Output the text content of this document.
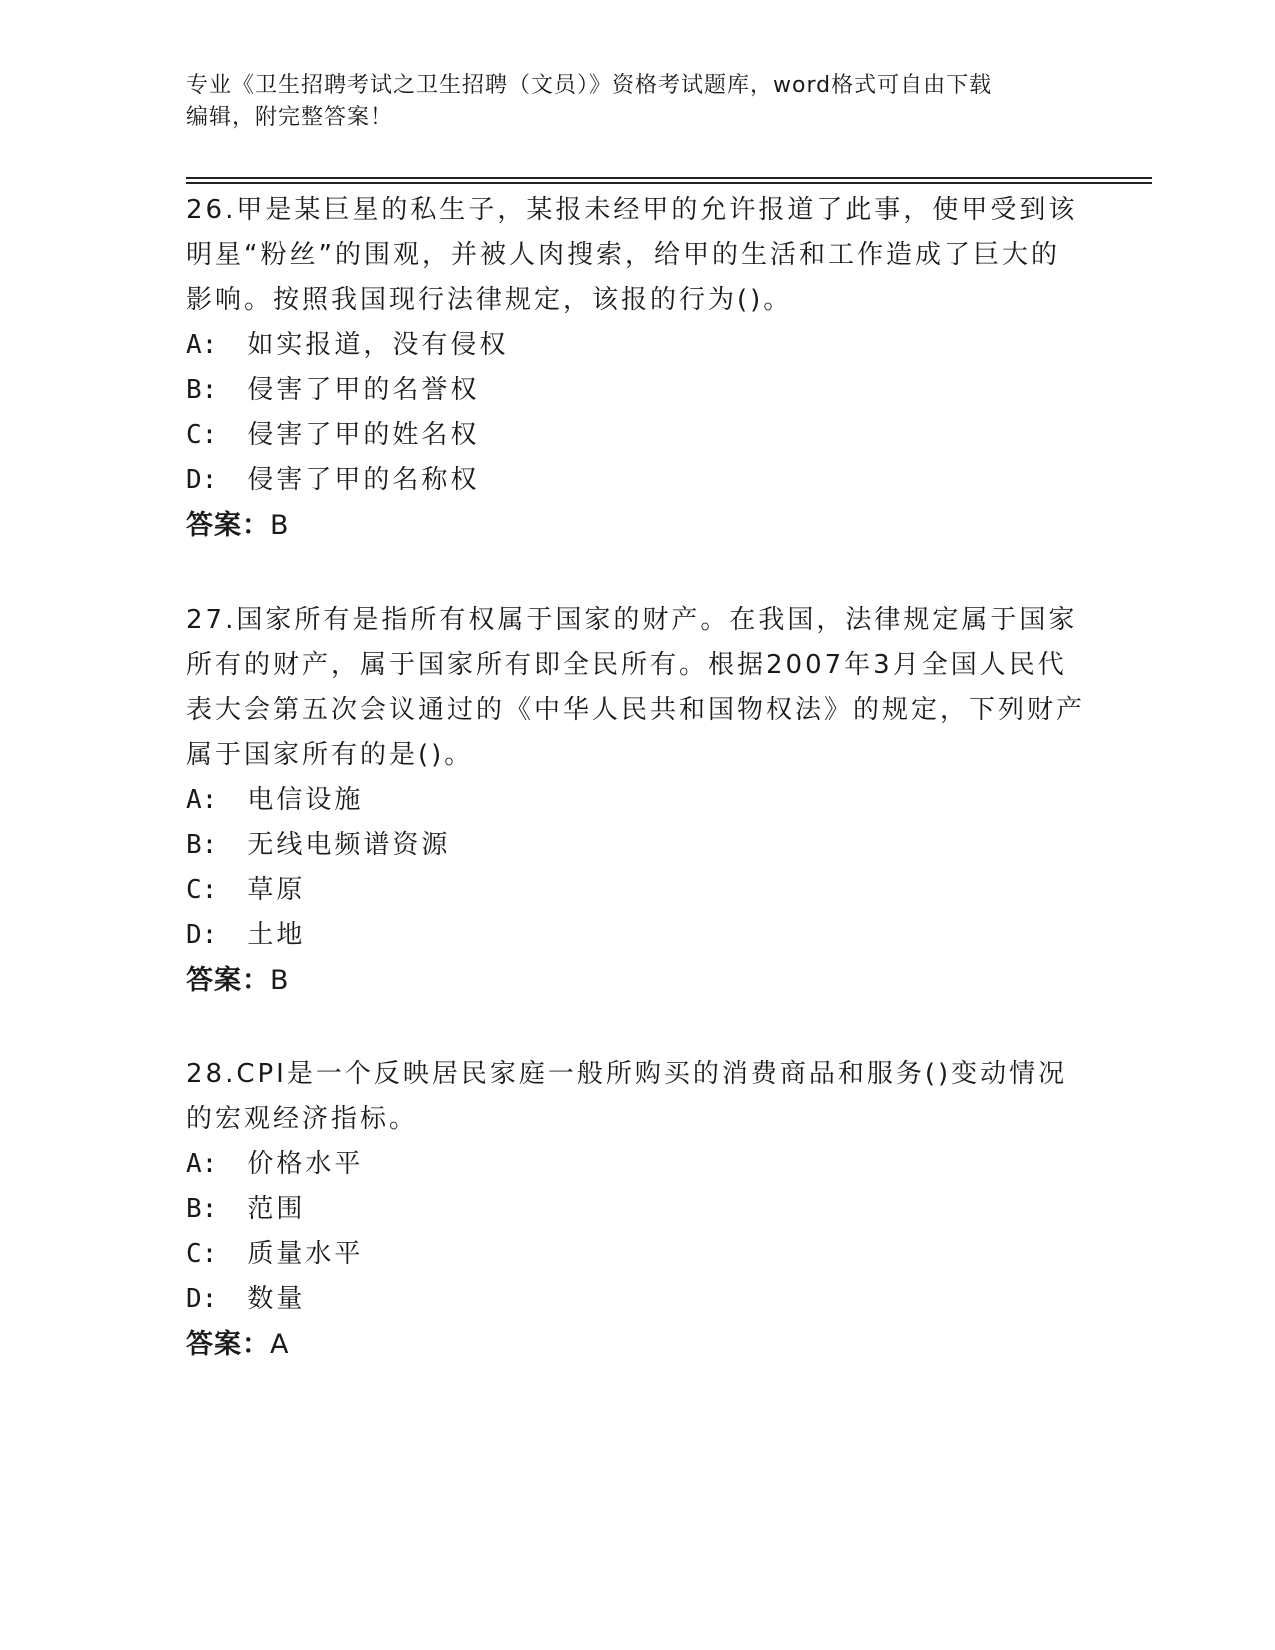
专业《卫生招聘考试之卫生招聘（文员）》资格考试题库，word格式可自由下载
编辑，附完整答案！

26.甲是某巨星的私生子，某报未经甲的允许报道了此事，使甲受到该明星“粉丝”的围观，并被人肉搜索，给甲的生活和工作造成了巨大的影响。按照我国现行法律规定，该报的行为()。

A: 如实报道，没有侵权

B: 侵害了甲的名誉权

C: 侵害了甲的姓名权

D: 侵害了甲的名称权

答案：B

27.国家所有是指所有权属于国家的财产。在我国，法律规定属于国家所有的财产，属于国家所有即全民所有。根据2007年3月全国人民代表大会第五次会议通过的《中华人民共和国物权法》的规定，下列财产属于国家所有的是()。

A: 电信设施

B: 无线电频谱资源

C: 草原

D: 土地

答案：B

28.CPI是一个反映居民家庭一般所购买的消费商品和服务()变动情况的宏观经济指标。

A: 价格水平

B: 范围

C: 质量水平

D: 数量

答案：A
